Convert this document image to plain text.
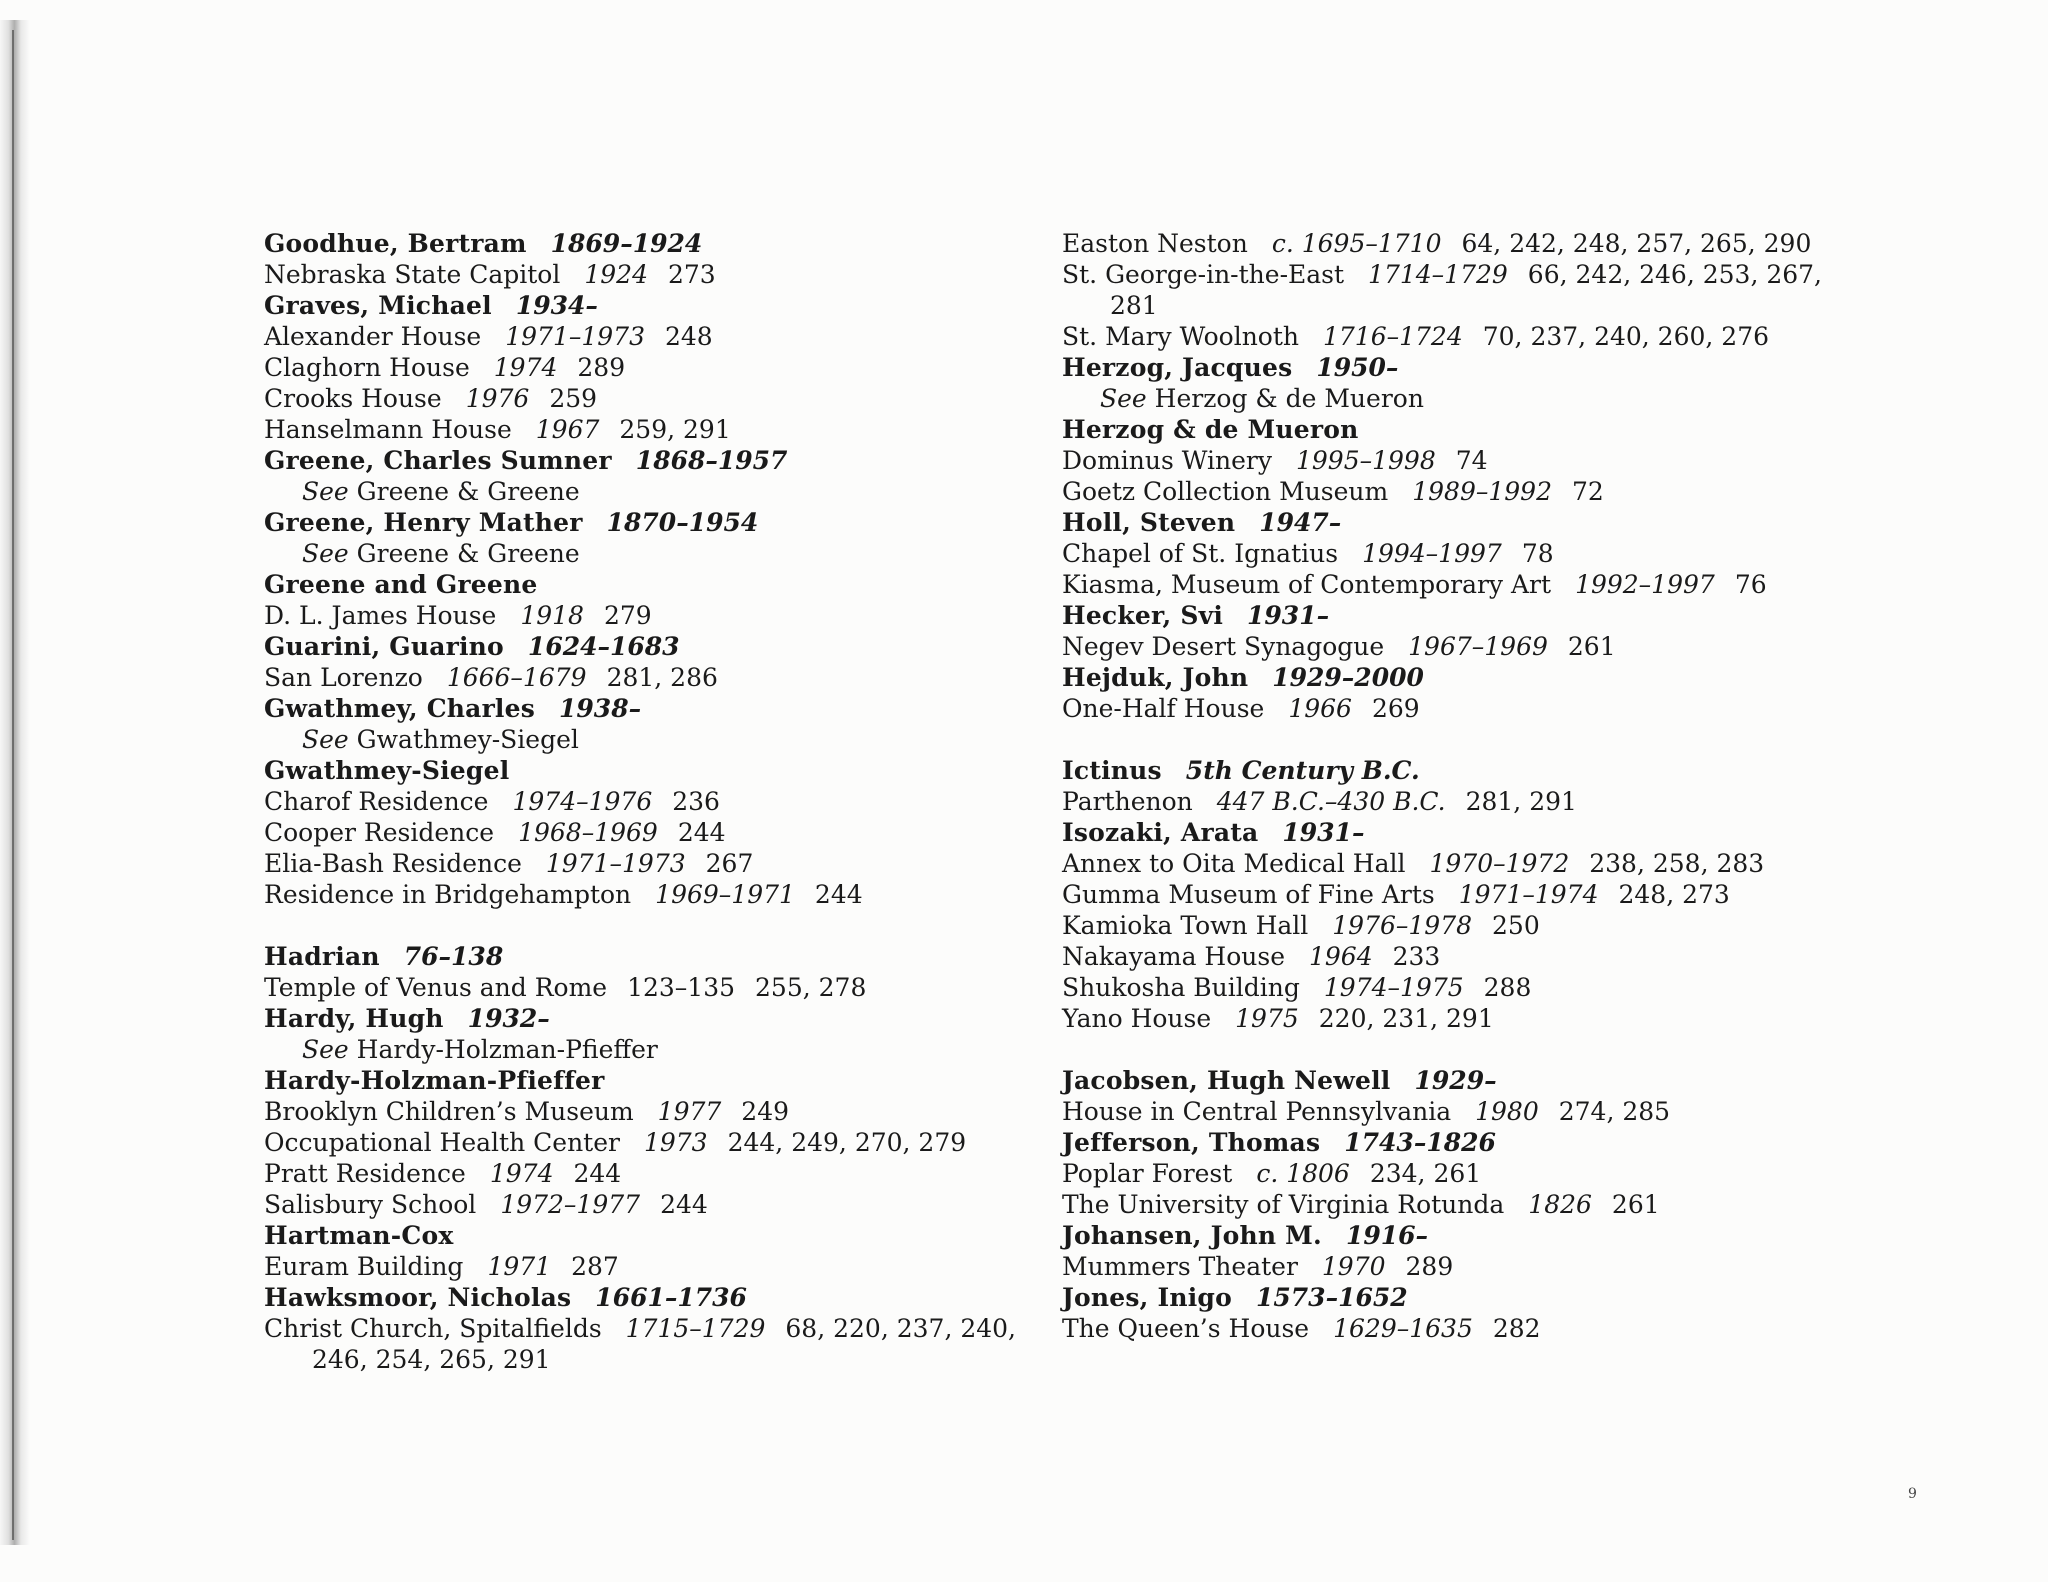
Goodhue, Bertram 1869–1924
Nebraska State Capitol 1924 273
Graves, Michael 1934–
Alexander House 1971–1973 248
Claghorn House 1974 289
Crooks House 1976 259
Hanselmann House 1967 259, 291
Greene, Charles Sumner 1868–1957
See Greene & Greene
Greene, Henry Mather 1870–1954
See Greene & Greene
Greene and Greene
D. L. James House 1918 279
Guarini, Guarino 1624–1683
San Lorenzo 1666–1679 281, 286
Gwathmey, Charles 1938–
See Gwathmey-Siegel
Gwathmey-Siegel
Charof Residence 1974–1976 236
Cooper Residence 1968–1969 244
Elia-Bash Residence 1971–1973 267
Residence in Bridgehampton 1969–1971 244
Hadrian 76–138
Temple of Venus and Rome 123–135 255, 278
Hardy, Hugh 1932–
See Hardy-Holzman-Pfieffer
Hardy-Holzman-Pfieffer
Brooklyn Children’s Museum 1977 249
Occupational Health Center 1973 244, 249, 270, 279
Pratt Residence 1974 244
Salisbury School 1972–1977 244
Hartman-Cox
Euram Building 1971 287
Hawksmoor, Nicholas 1661–1736
Christ Church, Spitalfields 1715–1729 68, 220, 237, 240, 246, 254, 265, 291
Easton Neston c. 1695–1710 64, 242, 248, 257, 265, 290
St. George-in-the-East 1714–1729 66, 242, 246, 253, 267, 281
St. Mary Woolnoth 1716–1724 70, 237, 240, 260, 276
Herzog, Jacques 1950–
See Herzog & de Mueron
Herzog & de Mueron
Dominus Winery 1995–1998 74
Goetz Collection Museum 1989–1992 72
Holl, Steven 1947–
Chapel of St. Ignatius 1994–1997 78
Kiasma, Museum of Contemporary Art 1992–1997 76
Hecker, Svi 1931–
Negev Desert Synagogue 1967–1969 261
Hejduk, John 1929–2000
One-Half House 1966 269
Ictinus 5th Century B.C.
Parthenon 447 B.C.–430 B.C. 281, 291
Isozaki, Arata 1931–
Annex to Oita Medical Hall 1970–1972 238, 258, 283
Gumma Museum of Fine Arts 1971–1974 248, 273
Kamioka Town Hall 1976–1978 250
Nakayama House 1964 233
Shukosha Building 1974–1975 288
Yano House 1975 220, 231, 291
Jacobsen, Hugh Newell 1929–
House in Central Pennsylvania 1980 274, 285
Jefferson, Thomas 1743–1826
Poplar Forest c. 1806 234, 261
The University of Virginia Rotunda 1826 261
Johansen, John M. 1916–
Mummers Theater 1970 289
Jones, Inigo 1573–1652
The Queen’s House 1629–1635 282
9
